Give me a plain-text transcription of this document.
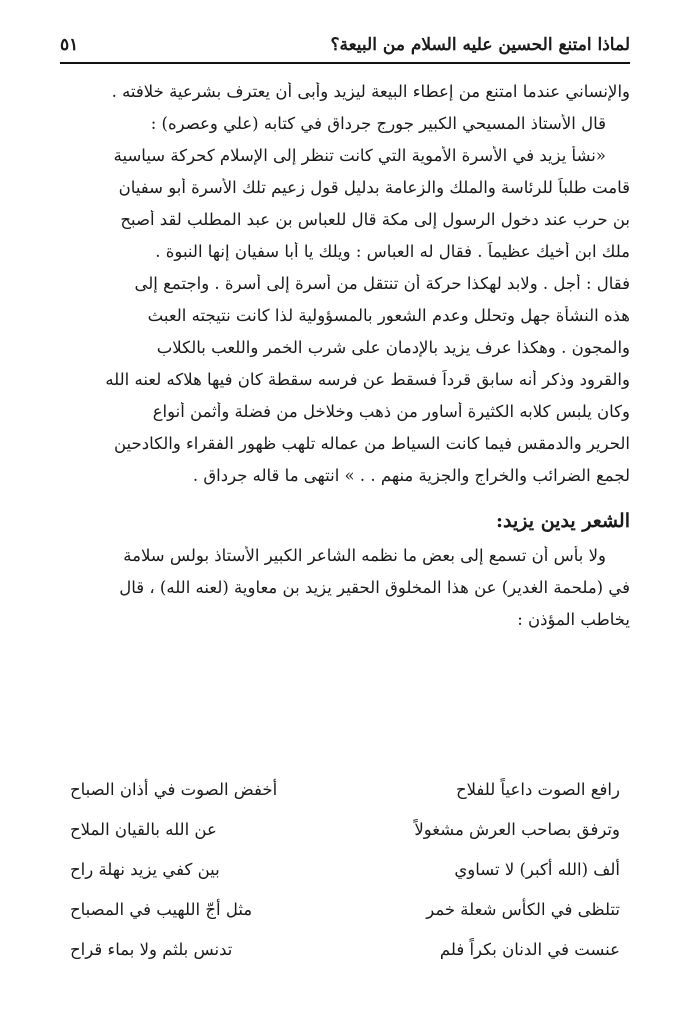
لماذا امتنع الحسين عليه السلام من البيعة؟
٥١
والإنساني عندما امتنع من إعطاء البيعة ليزيد وأبى أن يعترف بشرعية خلافته .
قال الأستاذ المسيحي الكبير جورج جرداق في كتابه (علي وعصره) :
«نشأ يزيد في الأسرة الأموية التي كانت تنظر إلى الإسلام كحركة سياسية
قامت طلباً للرئاسة والملك والزعامة بدليل قول زعيم تلك الأسرة أبو سفيان
بن حرب عند دخول الرسول إلى مكة قال للعباس بن عبد المطلب لقد أصبح
ملك ابن أخيك عظيماً . فقال له العباس : ويلك يا أبا سفيان إنها النبوة .
فقال : أجل . ولابد لهكذا حركة أن تنتقل من أسرة إلى أسرة . واجتمع إلى
هذه النشأة جهل وتحلل وعدم الشعور بالمسؤولية لذا كانت نتيجته العبث
والمجون . وهكذا عرف يزيد بالإدمان على شرب الخمر واللعب بالكلاب
والقرود وذكر أنه سابق قرداً فسقط عن فرسه سقطة كان فيها هلاكه لعنه الله
وكان يلبس كلابه الكثيرة أساور من ذهب وخلاخل من فضلة وأثمن أنواع
الحرير والدمقس فيما كانت السياط من عماله تلهب ظهور الفقراء والكادحين
لجمع الضرائب والخراج والجزية منهم . . » انتهى ما قاله جرداق .
الشعر يدين يزيد:
ولا بأس أن تسمع إلى بعض ما نظمه الشاعر الكبير الأستاذ بولس سلامة
في (ملحمة الغدير) عن هذا المخلوق الحقير يزيد بن معاوية (لعنه الله) ، قال
يخاطب المؤذن :
رافع الصوت داعياً للفلاح
أخفض الصوت في أذان الصباح
وترفق بصاحب العرش مشغولاً
عن الله بالقيان الملاح
ألف (الله أكبر) لا تساوي
بين كفي يزيد نهلة راح
تتلظى في الكأس شعلة خمر
مثل أجّ اللهيب في المصباح
عنست في الدنان بكراً فلم
تدنس بلثم ولا بماء قراح
